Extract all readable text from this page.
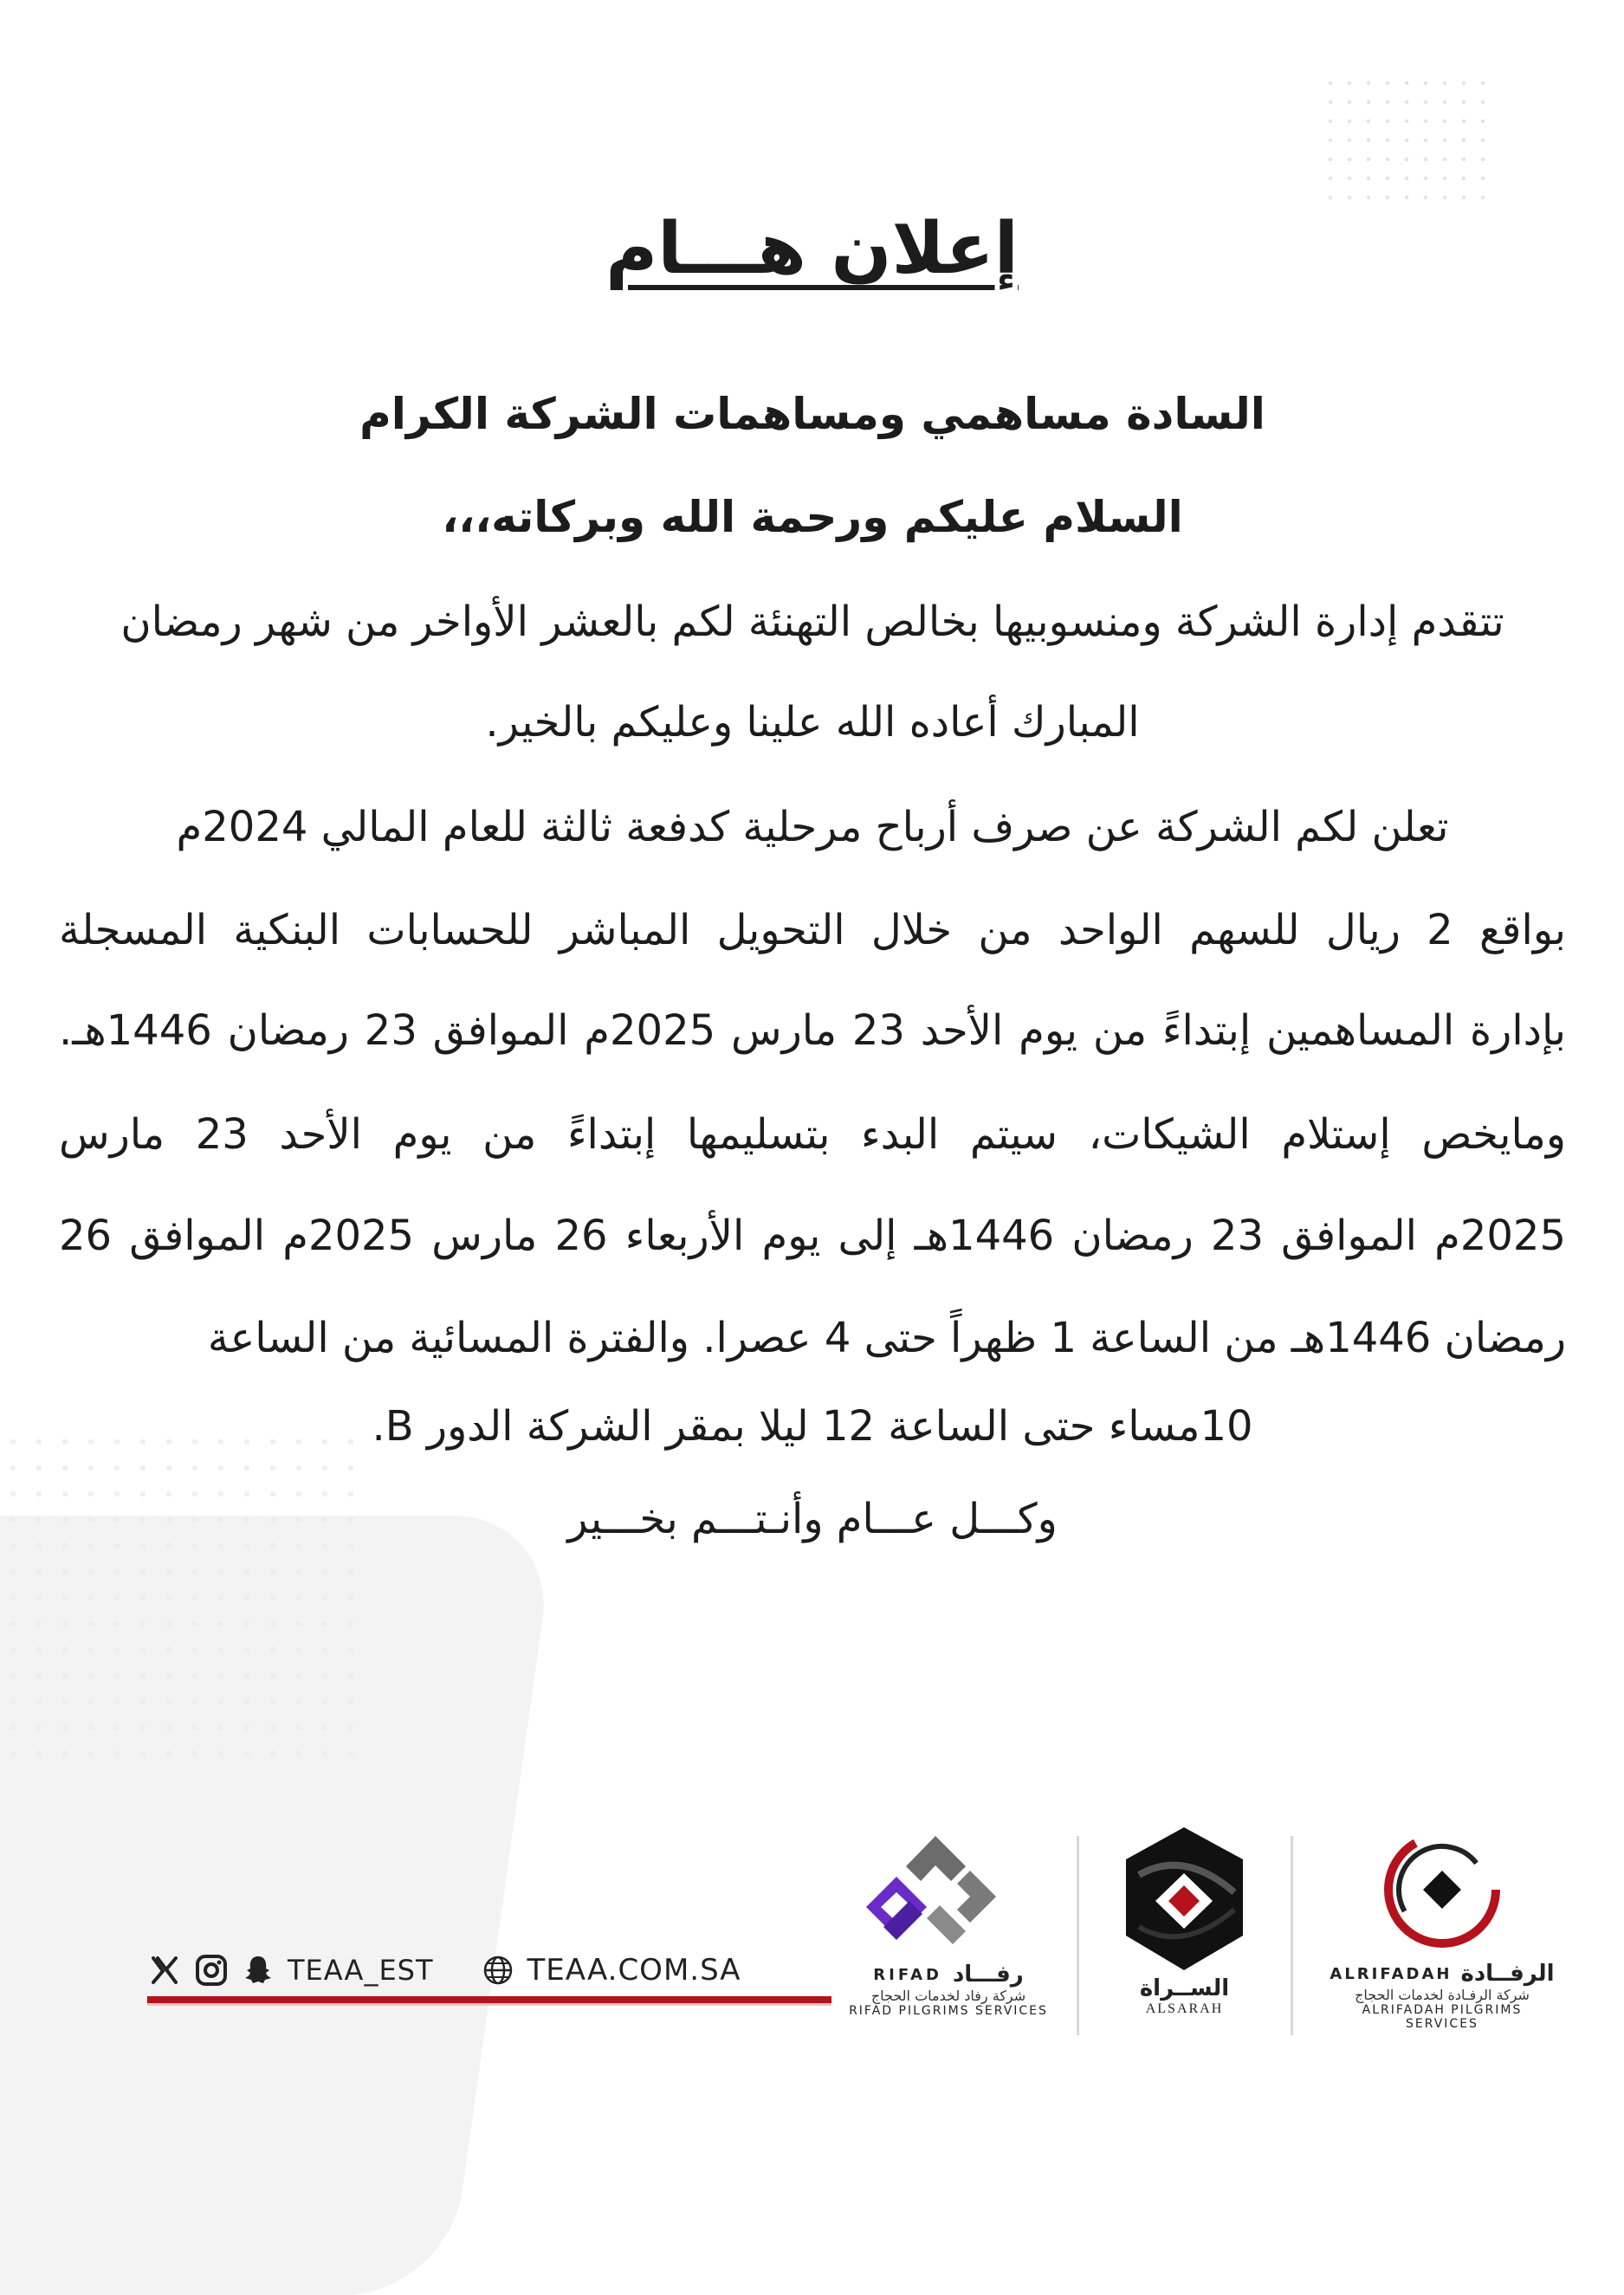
إعلان هـــام
السادة مساهمي ومساهمات الشركة الكرام
السلام عليكم ورحمة الله وبركاته،،،
تتقدم إدارة الشركة ومنسوبيها بخالص التهنئة لكم بالعشر الأواخر من شهر رمضان
المبارك أعاده الله علينا وعليكم بالخير.
تعلن لكم الشركة عن صرف أرباح مرحلية كدفعة ثالثة للعام المالي 2024م
بواقع 2 ريال للسهم الواحد من خلال التحويل المباشر للحسابات البنكية المسجلة
بإدارة المساهمين إبتداءً من يوم الأحد 23 مارس 2025م الموافق 23 رمضان 1446هـ.
ومايخص إستلام الشيكات، سيتم البدء بتسليمها إبتداءً من يوم الأحد 23 مارس
2025م الموافق 23 رمضان 1446هـ إلى يوم الأربعاء 26 مارس 2025م الموافق 26
رمضان 1446هـ من الساعة 1 ظهراً حتى 4 عصرا. والفترة المسائية من الساعة
10مساء حتى الساعة 12 ليلا بمقر الشركة الدور B.
وكـــل عـــام وأنـتـــم بخـــير
TEAA_EST	TEAA.COM.SA	RIFAD رفـــاد
شركة رفاد لخدمات الحجاج
RIFAD PILGRIMS SERVICES
الســراة
ALSARAH
ALRIFADAH الرفــادة
شركة الرفـادة لخدمات الحجاج
ALRIFADAH PILGRIMS SERVICES
